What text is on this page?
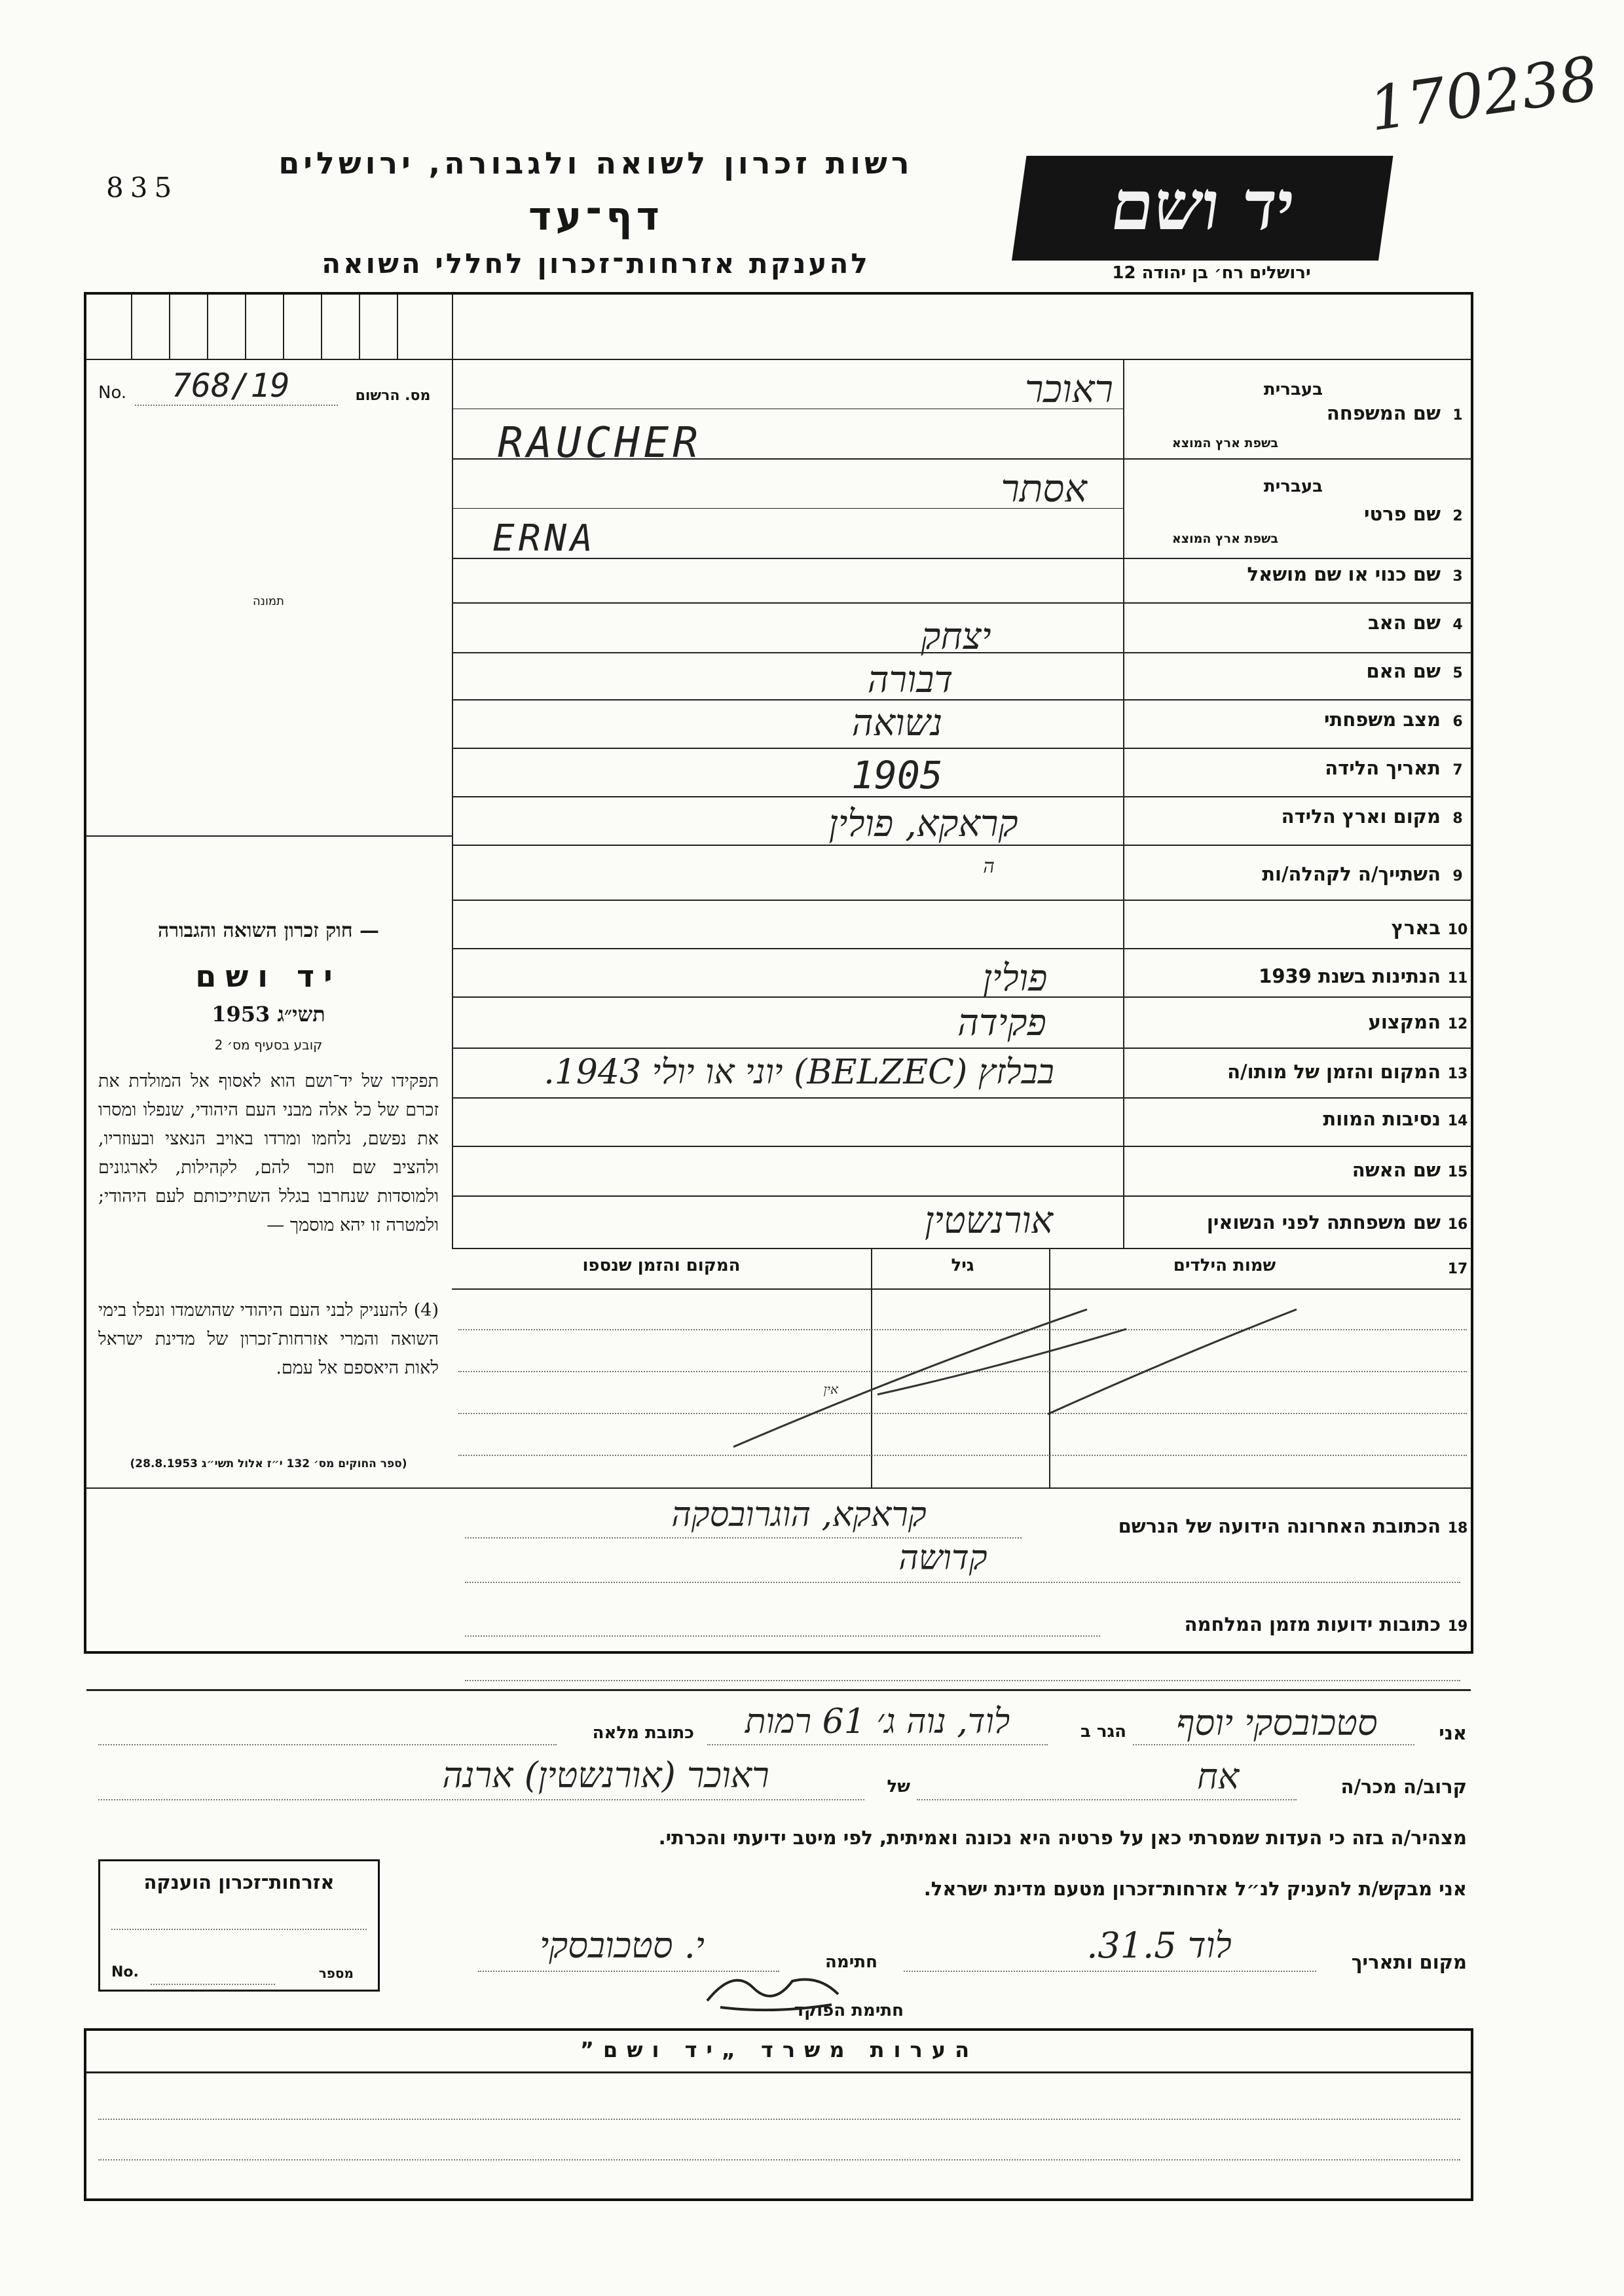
170238
835
רשות זכרון לשואה ולגבורה, ירושלים
דף־עד
להענקת אזרחות־זכרון לחללי השואה
יד ושם
ירושלים רח׳ בן יהודה 12
No. 768/19	מס. הרשום
תמונה
1
שם המשפחה
בעברית
בשפת ארץ המוצא
ראוכר
RAUCHER
2
שם פרטי
בעברית
בשפת ארץ המוצא
אסתר
ERNA
3
שם כנוי או שם מושאל
4
שם האב
יצחק
5
שם האם
דבורה
6
מצב משפחתי
נשואה
7
תאריך הלידה
1905
8
מקום וארץ הלידה
קראקא, פולין
9
השתייך/ה לקהלה/ות
ה
10
בארץ
11
הנתינות בשנת 1939
פולין
12
המקצוע
פקידה
13
המקום והזמן של מותו/ה
בבלזץ (BELZEC) יוני או יולי 1943.
14
נסיבות המוות
15
שם האשה
16
שם משפחתה לפני הנשואין
אורנשטין
17
שמות הילדים
גיל
המקום והזמן שנספו
אין
— חוק זכרון השואה והגבורה
יד ושם
תשי״ג 1953
קובע בסעיף מס׳ 2
תפקידו של יד־ושם הוא לאסוף אל המולדת את זכרם של כל אלה מבני העם היהודי, שנפלו ומסרו את נפשם, נלחמו ומרדו באויב הנאצי ובעוזריו, ולהציב שם וזכר להם, לקהילות, לארגונים ולמוסדות שנחרבו בגלל השתייכותם לעם היהודי; ולמטרה זו יהא מוסמך —
(4) להעניק לבני העם היהודי שהושמדו ונפלו בימי השואה והמרי אזרחות־זכרון של מדינת ישראל לאות היאספם אל עמם.
(ספר החוקים מס׳ 132 י״ז אלול תשי״ג 28.8.1953)
18
הכתובת האחרונה הידועה של הנרשם
קראקא, הוגרובסקה
קדושה
19
כתובות ידועות מזמן המלחמה
אני
סטכובסקי יוסף
הגר ב
לוד, נוה ג׳ 61 רמות
כתובת מלאה
קרוב/ה מכר/ה
אח
של
ראוכר (אורנשטין) ארנה
מצהיר/ה בזה כי העדות שמסרתי כאן על פרטיה היא נכונה ואמיתית, לפי מיטב ידיעתי והכרתי.
אני מבקש/ת להעניק לנ״ל אזרחות־זכרון מטעם מדינת ישראל.
מקום ותאריך
לוד 31.5.
חתימה
י. סטכובסקי
חתימת הפוקד
אזרחות־זכרון הוענקה
No.	מספר
הערות משרד „יד ושם”
